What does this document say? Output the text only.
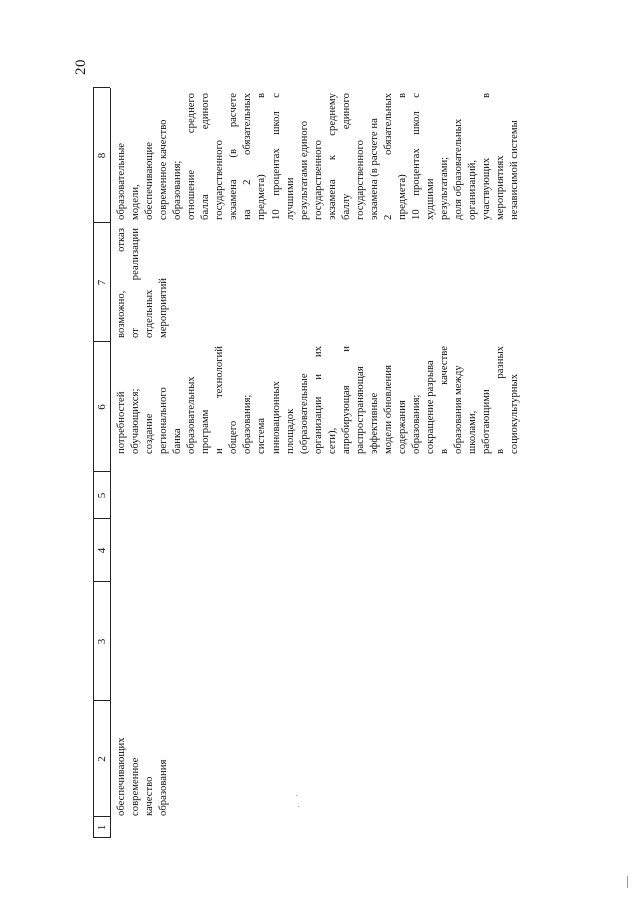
20
1
2
3
4
5
6
7
8
обеспечивающих современное качество образования
потребностей обучающихся; создание регионального банка образовательных программ и технологий общего образования; система инновационных площадок (образовательные организации и их сети), апробирующая и распространяющая эффективные модели обновления содержания образования; сокращение разрыва в качестве образования между школами, работающими в разных социокультурных
возможно, отказ от реализации отдельных мероприятий
образовательные модели, обеспечивающие современное качество образования; отношение среднего балла единого государственного экзамена (в расчете на 2 обязательных предмета) в 10 процентах школ с лучшими результатами единого государственного экзамена к среднему баллу единого государственного экзамена (в расчете на 2 обязательных предмета) в 10 процентах школ с худшими результатами; доля образовательных организаций, участвующих в мероприятиях независимой системы
